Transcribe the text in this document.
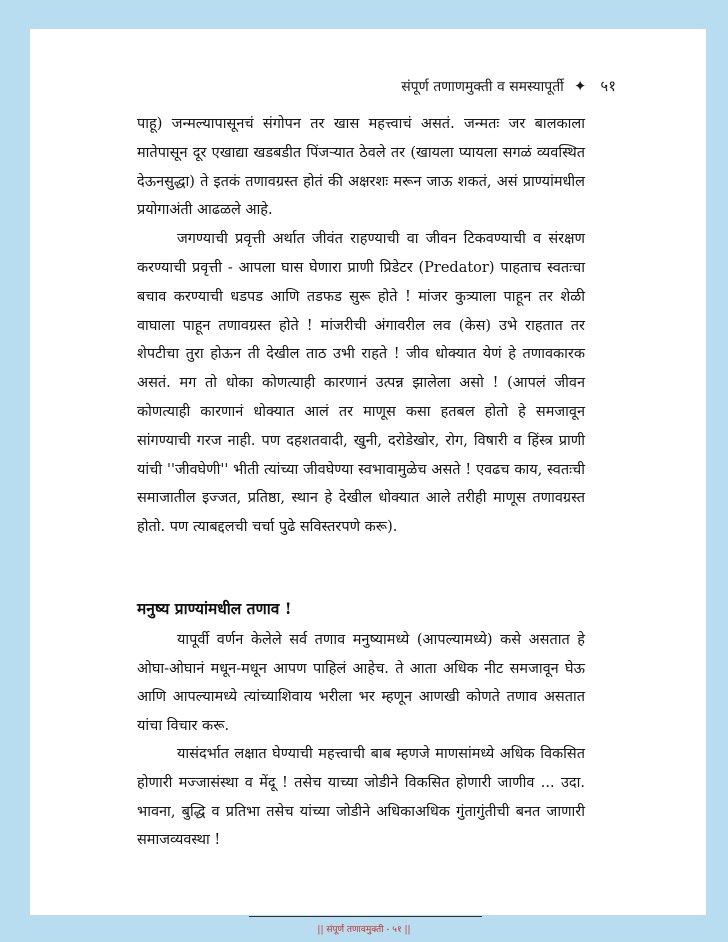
संपूर्ण तणाणमुक्ती व समस्यापूर्ती ✦ ५१

पाहू) जन्मल्यापासूनचं संगोपन तर खास महत्त्वाचं असतं. जन्मतः जर बालकाला मातेपासून दूर एखाद्या खडबडीत पिंजऱ्यात ठेवले तर (खायला प्यायला सगळं व्यवस्थित देऊनसुद्धा) ते इतकं तणावग्रस्त होतं की अक्षरशः मरून जाऊ शकतं, असं प्राण्यांमधील प्रयोगाअंती आढळले आहे.

जगण्याची प्रवृत्ती अर्थात जीवंत राहण्याची वा जीवन टिकवण्याची व संरक्षण करण्याची प्रवृत्ती - आपला घास घेणारा प्राणी प्रिडेटर (Predator) पाहताच स्वतःचा बचाव करण्याची धडपड आणि तडफड सुरू होते ! मांजर कुत्र्याला पाहून तर शेळी वाघाला पाहून तणावग्रस्त होते ! मांजरीची अंगावरील लव (केस) उभे राहतात तर शेपटीचा तुरा होऊन ती देखील ताठ उभी राहते ! जीव धोक्यात येणं हे तणावकारक असतं. मग तो धोका कोणत्याही कारणानं उत्पन्न झालेला असो ! (आपलं जीवन कोणत्याही कारणानं धोक्यात आलं तर माणूस कसा हतबल होतो हे समजावून सांगण्याची गरज नाही. पण दहशतवादी, खुनी, दरोडेखोर, रोग, विषारी व हिंस्त्र प्राणी यांची ''जीवघेणी'' भीती त्यांच्या जीवघेण्या स्वभावामुळेच असते ! एवढच काय, स्वतःची समाजातील इज्जत, प्रतिष्ठा, स्थान हे देखील धोक्यात आले तरीही माणूस तणावग्रस्त होतो. पण त्याबद्दलची चर्चा पुढे सविस्तरपणे करू).

मनुष्य प्राण्यांमधील तणाव !

यापूर्वी वर्णन केलेले सर्व तणाव मनुष्यामध्ये (आपल्यामध्ये) कसे असतात हे ओघा-ओघानं मधून-मधून आपण पाहिलं आहेच. ते आता अधिक नीट समजावून घेऊ आणि आपल्यामध्ये त्यांच्याशिवाय भरीला भर म्हणून आणखी कोणते तणाव असतात यांचा विचार करू.

यासंदर्भात लक्षात घेण्याची महत्त्वाची बाब म्हणजे माणसांमध्ये अधिक विकसित होणारी मज्जासंस्था व मेंदू ! तसेच याच्या जोडीने विकसित होणारी जाणीव ... उदा. भावना, बुद्धि व प्रतिभा तसेच यांच्या जोडीने अधिकाअधिक गुंतागुंतीची बनत जाणारी समाजव्यवस्था !

|| संपूर्ण तणावमुक्ती - ५१ ||
